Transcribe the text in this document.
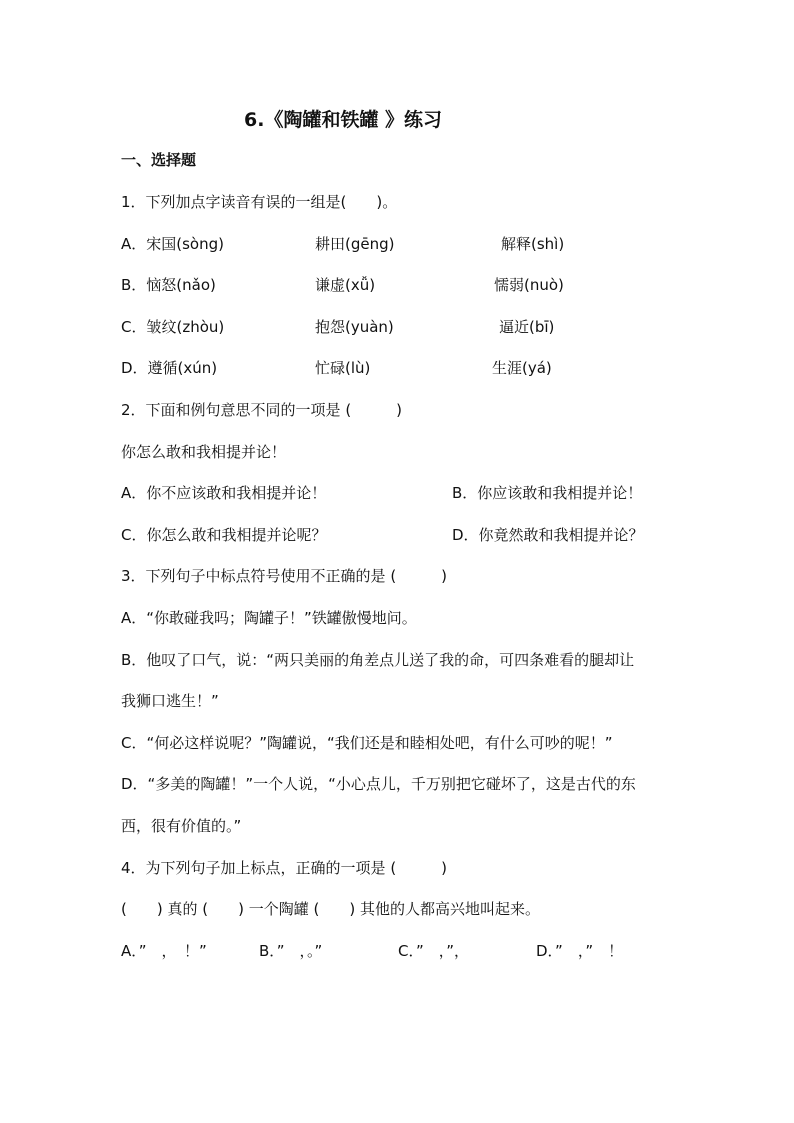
6.《陶罐和铁罐 》练习
一、选择题
1．下列加点字读音有误的一组是(　　)。
A．宋国(sòng)	耕田(gēng)	解释(shì)
B．恼怒(nǎo)	谦虚(xǚ)	懦弱(nuò)
C．皱纹(zhòu)	抱怨(yuàn)	逼近(bī)
D．遵循(xún)	忙碌(lù)	生涯(yá)
2．下面和例句意思不同的一项是 (　　　)
你怎么敢和我相提并论！
A．你不应该敢和我相提并论！	B．你应该敢和我相提并论！
C．你怎么敢和我相提并论呢？	D．你竟然敢和我相提并论？
3．下列句子中标点符号使用不正确的是 (　　　)
A．“你敢碰我吗；陶罐子！”铁罐傲慢地问。
B．他叹了口气，说：“两只美丽的角差点儿送了我的命，可四条难看的腿却让
我狮口逃生！”
C．“何必这样说呢？”陶罐说，“我们还是和睦相处吧，有什么可吵的呢！”
D．“多美的陶罐！”一个人说，“小心点儿，千万别把它碰坏了，这是古代的东
西，很有价值的。”
4．为下列句子加上标点，正确的一项是 (　　　)
(　　) 真的 (　　) 一个陶罐 (　　) 其他的人都高兴地叫起来。
A．”　，　！”	B．”　，。”	C．”　，”，	D．”　，”　！
